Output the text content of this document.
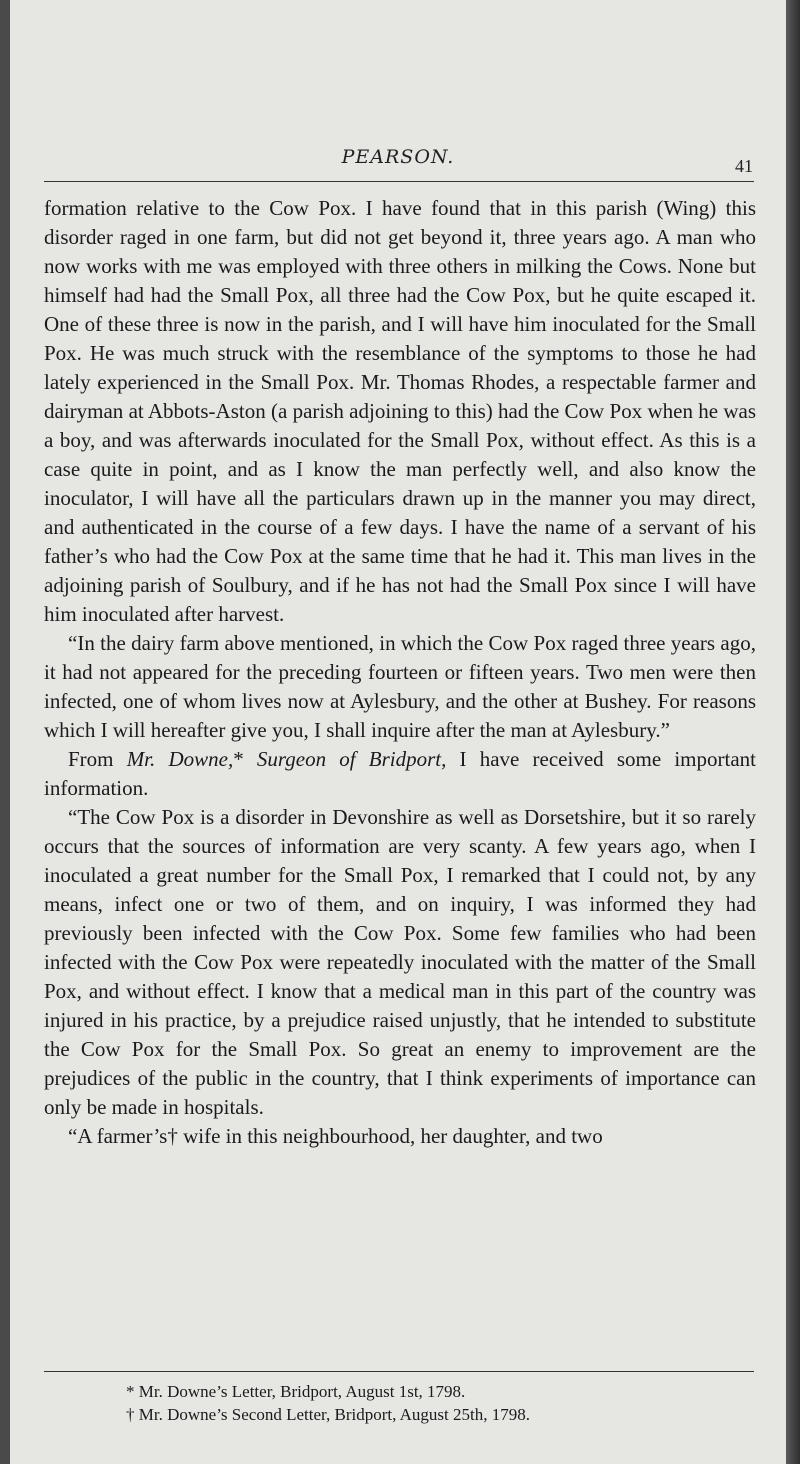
PEARSON.	41

formation relative to the Cow Pox. I have found that in this parish (Wing) this disorder raged in one farm, but did not get beyond it, three years ago. A man who now works with me was employed with three others in milking the Cows. None but himself had had the Small Pox, all three had the Cow Pox, but he quite escaped it. One of these three is now in the parish, and I will have him inoculated for the Small Pox. He was much struck with the resemblance of the symptoms to those he had lately experienced in the Small Pox. Mr. Thomas Rhodes, a respectable farmer and dairyman at Abbots-Aston (a parish adjoining to this) had the Cow Pox when he was a boy, and was afterwards inoculated for the Small Pox, without effect. As this is a case quite in point, and as I know the man perfectly well, and also know the inoculator, I will have all the particulars drawn up in the manner you may direct, and authenticated in the course of a few days. I have the name of a servant of his father’s who had the Cow Pox at the same time that he had it. This man lives in the adjoining parish of Soulbury, and if he has not had the Small Pox since I will have him inoculated after harvest.

“In the dairy farm above mentioned, in which the Cow Pox raged three years ago, it had not appeared for the preceding fourteen or fifteen years. Two men were then infected, one of whom lives now at Aylesbury, and the other at Bushey. For reasons which I will hereafter give you, I shall inquire after the man at Aylesbury.”

From Mr. Downe,* Surgeon of Bridport, I have received some important information.

“The Cow Pox is a disorder in Devonshire as well as Dorsetshire, but it so rarely occurs that the sources of information are very scanty. A few years ago, when I inoculated a great number for the Small Pox, I remarked that I could not, by any means, infect one or two of them, and on inquiry, I was informed they had previously been infected with the Cow Pox. Some few families who had been infected with the Cow Pox were repeatedly inoculated with the matter of the Small Pox, and without effect. I know that a medical man in this part of the country was injured in his practice, by a prejudice raised unjustly, that he intended to substitute the Cow Pox for the Small Pox. So great an enemy to improvement are the prejudices of the public in the country, that I think experiments of importance can only be made in hospitals.

“A farmer’s† wife in this neighbourhood, her daughter, and two

* Mr. Downe’s Letter, Bridport, August 1st, 1798.
† Mr. Downe’s Second Letter, Bridport, August 25th, 1798.
